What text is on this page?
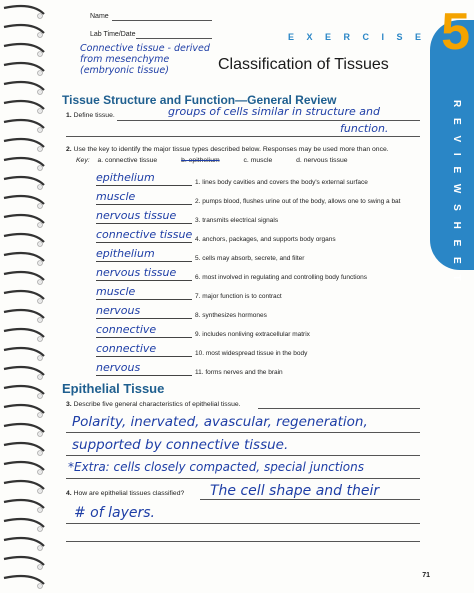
E X E R C I S E 5
R E V I E W S H E E T
Name
Lab Time/Date
Connective tissue - derived
from mesenchyme
(embryonic tissue)	Classification of Tissues
Tissue Structure and Function—General Review
1. Define tissue.	groups of cells similar in structure and
function.
2. Use the key to identify the major tissue types described below. Responses may be used more than once.
Key: a. connective tissue	b. epithelium	c. muscle	d. nervous tissue
epithelium	1. lines body cavities and covers the body's external surface
muscle	2. pumps blood, flushes urine out of the body, allows one to swing a bat
nervous tissue	3. transmits electrical signals
connective tissue 4. anchors, packages, and supports body organs
epithelium	5. cells may absorb, secrete, and filter
nervous tissue	6. most involved in regulating and controlling body functions
muscle	7. major function is to contract
nervous	8. synthesizes hormones
connective	9. includes nonliving extracellular matrix
connective	10. most widespread tissue in the body
nervous	11. forms nerves and the brain
Epithelial Tissue
3. Describe five general characteristics of epithelial tissue.
Polarity, inervated, avascular, regeneration,
supported by connective tissue.
*Extra: cells closely compacted, special junctions
4. How are epithelial tissues classified? The cell shape and their
# of layers.
71
